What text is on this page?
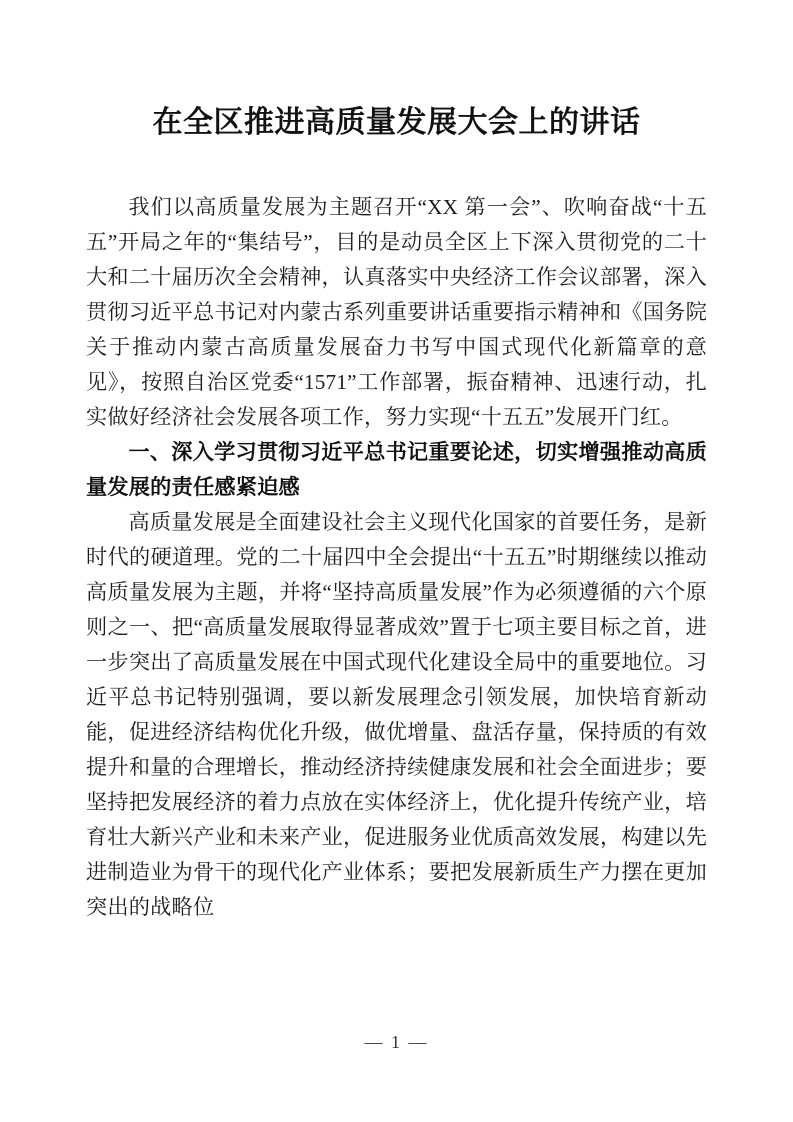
在全区推进高质量发展大会上的讲话

我们以高质量发展为主题召开“XX 第一会”、吹响奋战“十五五”开局之年的“集结号”，目的是动员全区上下深入贯彻党的二十大和二十届历次全会精神，认真落实中央经济工作会议部署，深入贯彻习近平总书记对内蒙古系列重要讲话重要指示精神和《国务院关于推动内蒙古高质量发展奋力书写中国式现代化新篇章的意见》，按照自治区党委“1571”工作部署，振奋精神、迅速行动，扎实做好经济社会发展各项工作，努力实现“十五五”发展开门红。

一、深入学习贯彻习近平总书记重要论述，切实增强推动高质量发展的责任感紧迫感

高质量发展是全面建设社会主义现代化国家的首要任务，是新时代的硬道理。党的二十届四中全会提出“十五五”时期继续以推动高质量发展为主题，并将“坚持高质量发展”作为必须遵循的六个原则之一、把“高质量发展取得显著成效”置于七项主要目标之首，进一步突出了高质量发展在中国式现代化建设全局中的重要地位。习近平总书记特别强调，要以新发展理念引领发展，加快培育新动能，促进经济结构优化升级，做优增量、盘活存量，保持质的有效提升和量的合理增长，推动经济持续健康发展和社会全面进步；要坚持把发展经济的着力点放在实体经济上，优化提升传统产业，培育壮大新兴产业和未来产业，促进服务业优质高效发展，构建以先进制造业为骨干的现代化产业体系；要把发展新质生产力摆在更加突出的战略位

— 1 —
